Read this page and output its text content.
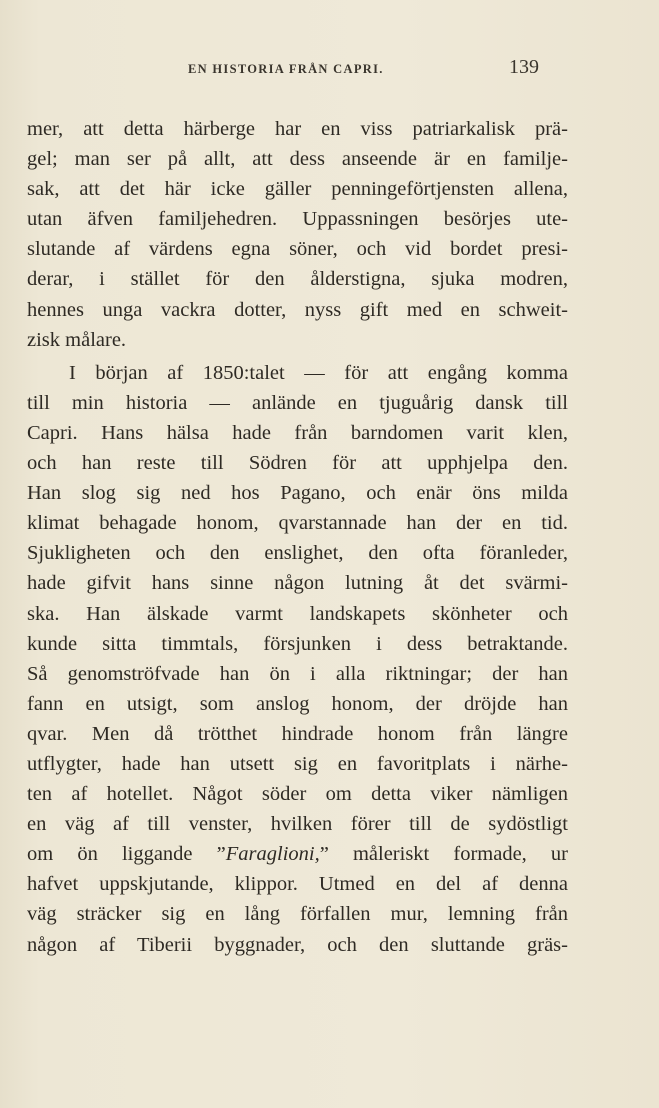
EN HISTORIA FRÅN CAPRI.	139
mer, att detta härberge har en viss patriarkalisk prä-
gel; man ser på allt, att dess anseende är en familje-
sak, att det här icke gäller penningeförtjensten allena,
utan äfven familjehedren. Uppassningen besörjes ute-
slutande af värdens egna söner, och vid bordet presi-
derar, i stället för den ålderstigna, sjuka modren,
hennes unga vackra dotter, nyss gift med en schweit-
zisk målare.
I början af 1850:talet — för att engång komma
till min historia — anlände en tjuguårig dansk till
Capri. Hans hälsa hade från barndomen varit klen,
och han reste till Södren för att upphjelpa den.
Han slog sig ned hos Pagano, och enär öns milda
klimat behagade honom, qvarstannade han der en tid.
Sjukligheten och den enslighet, den ofta föranleder,
hade gifvit hans sinne någon lutning åt det svärmi-
ska. Han älskade varmt landskapets skönheter och
kunde sitta timmtals, försjunken i dess betraktande.
Så genomströfvade han ön i alla riktningar; der han
fann en utsigt, som anslog honom, der dröjde han
qvar. Men då trötthet hindrade honom från längre
utflygter, hade han utsett sig en favoritplats i närhe-
ten af hotellet. Något söder om detta viker nämligen
en väg af till venster, hvilken förer till de sydöstligt
om ön liggande ”Faraglioni,” måleriskt formade, ur
hafvet uppskjutande, klippor. Utmed en del af denna
väg sträcker sig en lång förfallen mur, lemning från
någon af Tiberii byggnader, och den sluttande gräs-
